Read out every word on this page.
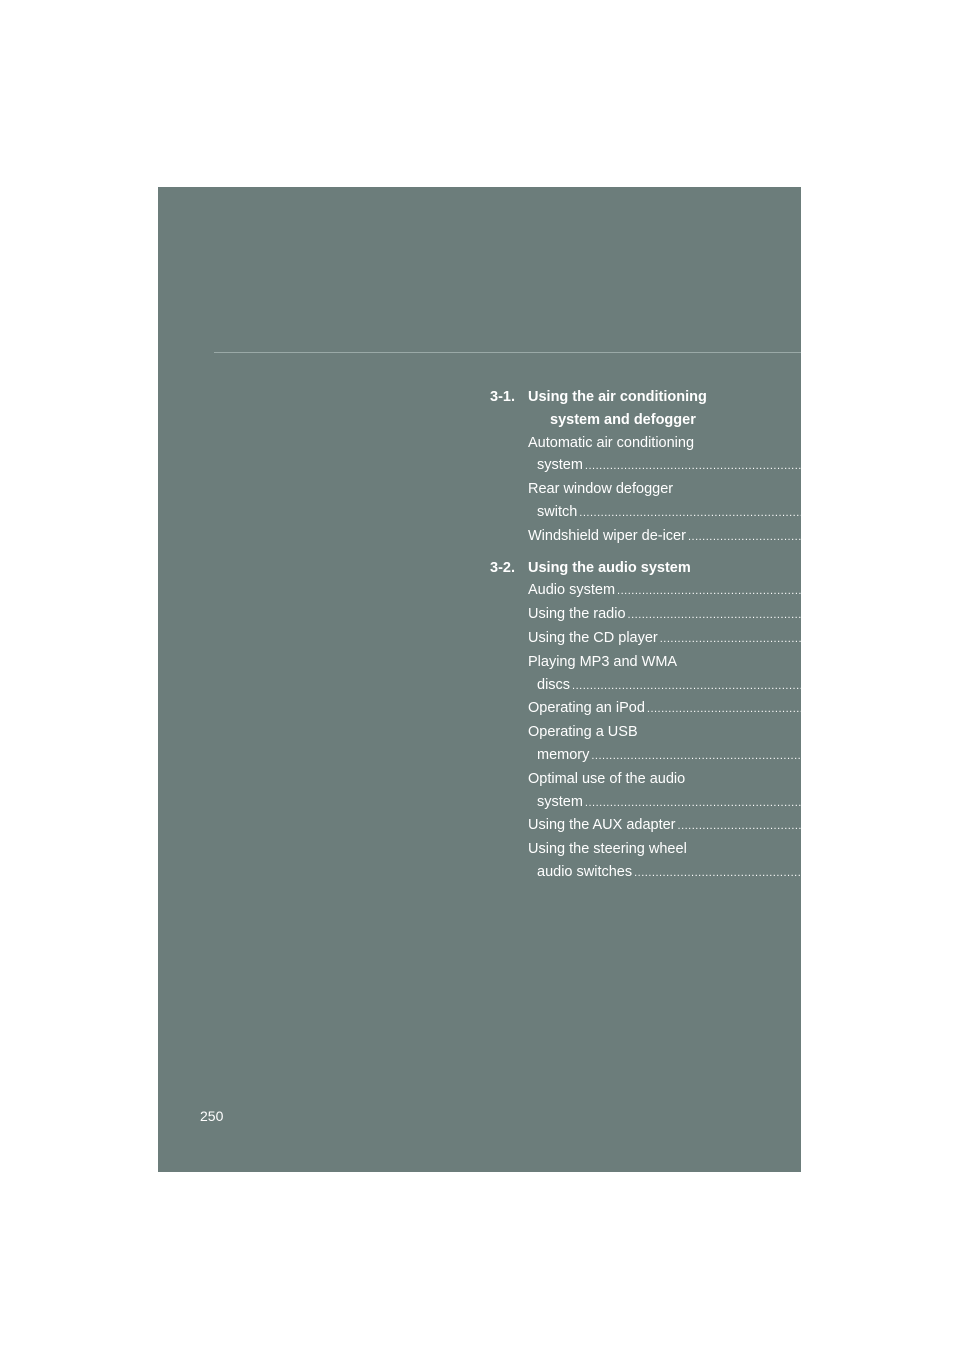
3-1. Using the air conditioning
system and defogger
Automatic air conditioning
system ........................................................................ 252
Rear window defogger
switch ........................................................................ 260
Windshield wiper de-icer ........................................................................ 261
3-2. Using the audio system
Audio system ........................................................................ 262
Using the radio ........................................................................ 265
Using the CD player ........................................................................ 273
Playing MP3 and WMA
discs ........................................................................ 281
Operating an iPod ........................................................................ 288
Operating a USB
memory ........................................................................ 296
Optimal use of the audio
system ........................................................................ 304
Using the AUX adapter ........................................................................ 307
Using the steering wheel
audio switches ........................................................................ 308
250
